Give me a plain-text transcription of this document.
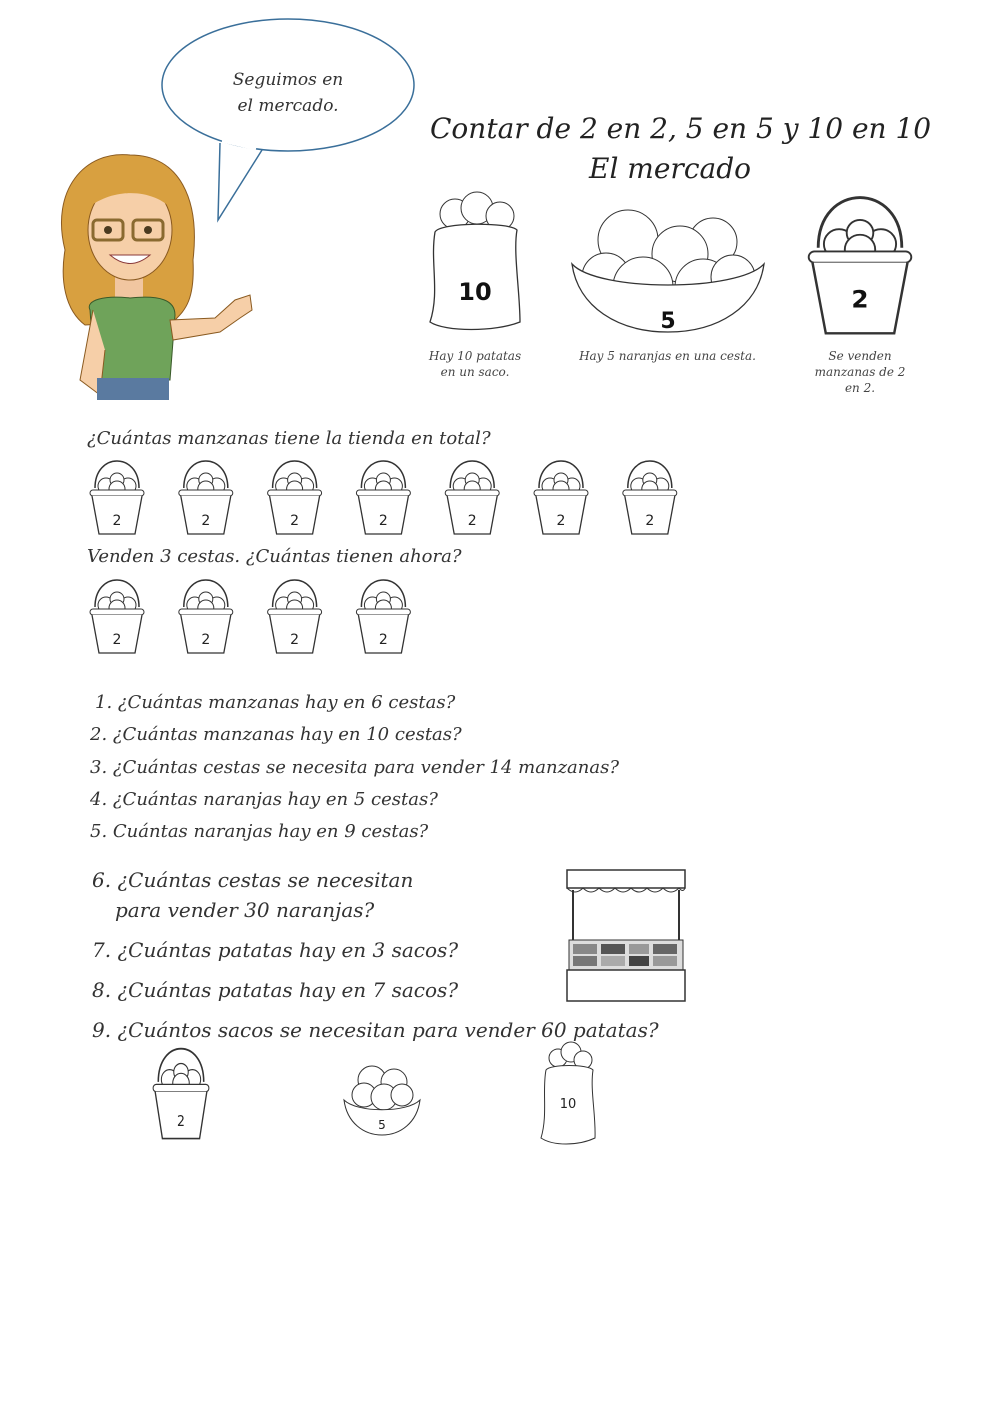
Seguimos en
el mercado.
Contar de 2 en 2, 5 en 5 y 10 en 10
El mercado
10
Hay 10 patatas
en un saco.
5
Hay 5 naranjas en una cesta.
2
Se venden
manzanas de 2
en 2.
¿Cuántas manzanas tiene la tienda en total?
2	2	2	2	2	2	2
Venden 3 cestas. ¿Cuántas tienen ahora?
2	2	2	2
1. ¿Cuántas manzanas hay en 6 cestas?
2. ¿Cuántas manzanas hay en 10 cestas?
3. ¿Cuántas cestas se necesita para vender 14 manzanas?
4. ¿Cuántas naranjas hay en 5 cestas?
5. Cuántas naranjas hay en 9 cestas?
6. ¿Cuántas cestas se necesitan
para vender 30 naranjas?
7. ¿Cuántas patatas hay en 3 sacos?
8. ¿Cuántas patatas hay en 7 sacos?
9. ¿Cuántos sacos se necesitan para vender 60 patatas?
2	5
10
